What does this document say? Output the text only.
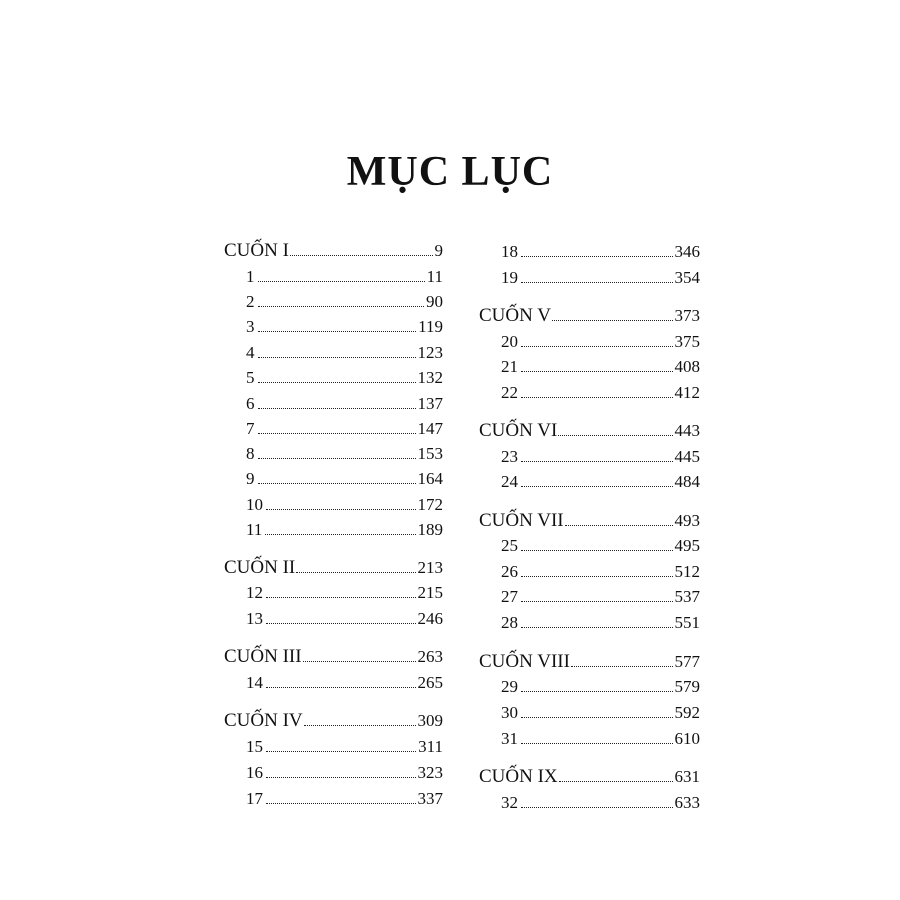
MỤC LỤC
CUỐN I	9
1	11
2	90
3	119
4	123
5	132
6	137
7	147
8	153
9	164
10	172
11	189
CUỐN II	213
12	215
13	246
CUỐN III	263
14	265
CUỐN IV	309
15	311
16	323
17	337
18	346
19	354
CUỐN V	373
20	375
21	408
22	412
CUỐN VI	443
23	445
24	484
CUỐN VII	493
25	495
26	512
27	537
28	551
CUỐN VIII	577
29	579
30	592
31	610
CUỐN IX	631
32	633
